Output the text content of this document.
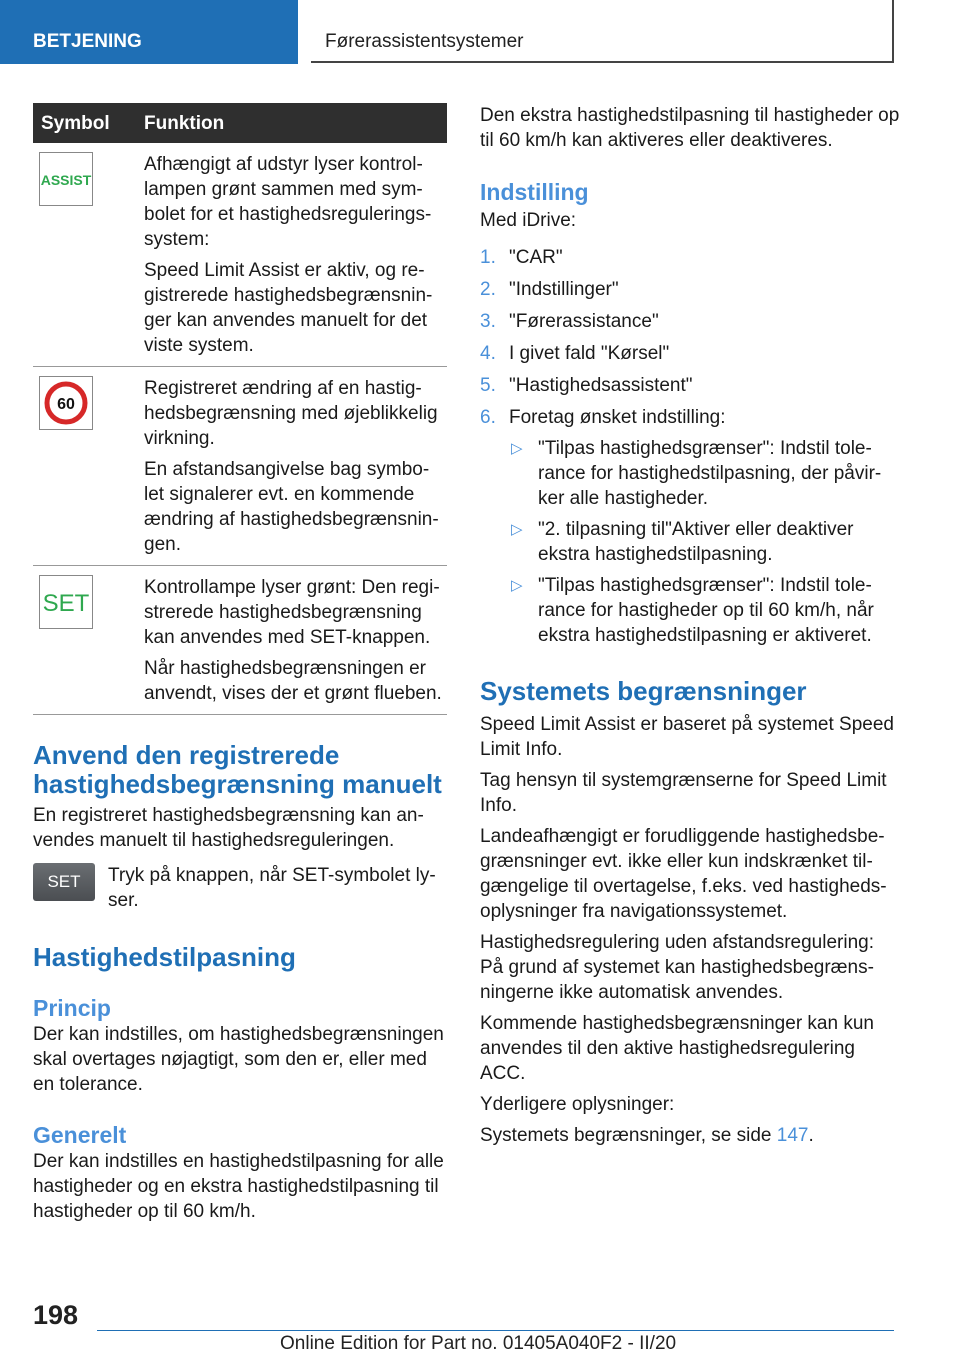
BETJENING	Førerassistentsystemer
Symbol Funktion
ASSIST

Afhængigt af udstyr lyser kontrol-lampen grønt sammen med sym-bolet for et hastighedsregulerings-system:

Speed Limit Assist er aktiv, og re-gistrerede hastighedsbegrænsnin-ger kan anvendes manuelt for det viste system.

60

Registreret ændring af en hastig-hedsbegrænsning med øjeblikkelig virkning.

En afstandsangivelse bag symbo-let signalerer evt. en kommende ændring af hastighedsbegrænsnin-gen.

SET

Kontrollampe lyser grønt: Den regi-strerede hastighedsbegrænsning kan anvendes med SET-knappen.

Når hastighedsbegrænsningen er anvendt, vises der et grønt flueben.

Anvend den registrerede hastighedsbegrænsning manuelt

En registreret hastighedsbegrænsning kan an-vendes manuelt til hastighedsreguleringen.

SET	Tryk på knappen, når SET-symbolet ly-ser.

Hastighedstilpasning
Princip

Der kan indstilles, om hastighedsbegrænsningen skal overtages nøjagtigt, som den er, eller med en tolerance.

Generelt

Der kan indstilles en hastighedstilpasning for alle hastigheder og en ekstra hastighedstilpasning til hastigheder op til 60 km/h.

Den ekstra hastighedstilpasning til hastigheder op til 60 km/h kan aktiveres eller deaktiveres.

Indstilling

Med iDrive:

1. "CAR"
2. "Indstillinger"
3. "Førerassistance"
4. I givet fald "Kørsel"
5. "Hastighedsassistent"
6. Foretag ønsket indstilling:
▷ "Tilpas hastighedsgrænser": Indstil tole-rance for hastighedstilpasning, der påvir-ker alle hastigheder.
▷ "2. tilpasning til"Aktiver eller deaktiver ekstra hastighedstilpasning.
▷ "Tilpas hastighedsgrænser": Indstil tole-rance for hastigheder op til 60 km/h, når ekstra hastighedstilpasning er aktiveret.
Systemets begrænsninger

Speed Limit Assist er baseret på systemet Speed Limit Info.

Tag hensyn til systemgrænserne for Speed Limit Info.

Landeafhængigt er forudliggende hastighedsbe-grænsninger evt. ikke eller kun indskrænket til-gængelige til overtagelse, f.eks. ved hastigheds-oplysninger fra navigationssystemet.

Hastighedsregulering uden afstandsregulering: På grund af systemet kan hastighedsbegræns-ningerne ikke automatisk anvendes.

Kommende hastighedsbegrænsninger kan kun anvendes til den aktive hastighedsregulering ACC.

Yderligere oplysninger:

Systemets begrænsninger, se side 147.

198
Online Edition for Part no. 01405A040F2 - II/20
